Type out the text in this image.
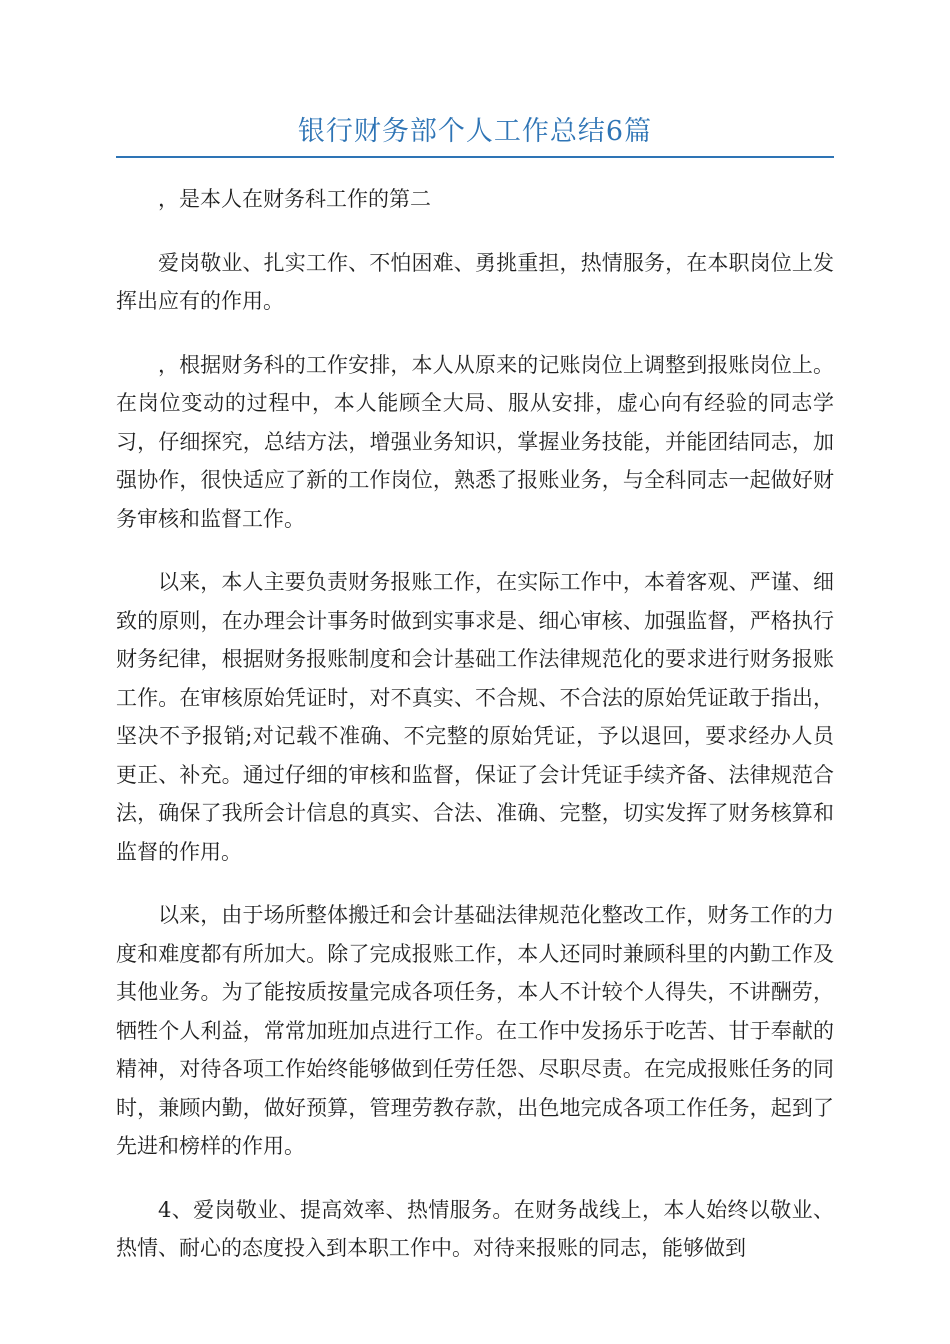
银行财务部个人工作总结6篇

，是本人在财务科工作的第二

爱岗敬业、扎实工作、不怕困难、勇挑重担，热情服务，在本职岗位上发挥出应有的作用。

，根据财务科的工作安排，本人从原来的记账岗位上调整到报账岗位上。在岗位变动的过程中，本人能顾全大局、服从安排，虚心向有经验的同志学习，仔细探究，总结方法，增强业务知识，掌握业务技能，并能团结同志，加强协作，很快适应了新的工作岗位，熟悉了报账业务，与全科同志一起做好财务审核和监督工作。

以来，本人主要负责财务报账工作，在实际工作中，本着客观、严谨、细致的原则，在办理会计事务时做到实事求是、细心审核、加强监督，严格执行财务纪律，根据财务报账制度和会计基础工作法律规范化的要求进行财务报账工作。在审核原始凭证时，对不真实、不合规、不合法的原始凭证敢于指出，坚决不予报销;对记载不准确、不完整的原始凭证，予以退回，要求经办人员更正、补充。通过仔细的审核和监督，保证了会计凭证手续齐备、法律规范合法，确保了我所会计信息的真实、合法、准确、完整，切实发挥了财务核算和监督的作用。

以来，由于场所整体搬迁和会计基础法律规范化整改工作，财务工作的力度和难度都有所加大。除了完成报账工作，本人还同时兼顾科里的内勤工作及其他业务。为了能按质按量完成各项任务，本人不计较个人得失，不讲酬劳，牺牲个人利益，常常加班加点进行工作。在工作中发扬乐于吃苦、甘于奉献的精神，对待各项工作始终能够做到任劳任怨、尽职尽责。在完成报账任务的同时，兼顾内勤，做好预算，管理劳教存款，出色地完成各项工作任务，起到了先进和榜样的作用。

4、爱岗敬业、提高效率、热情服务。在财务战线上，本人始终以敬业、热情、耐心的态度投入到本职工作中。对待来报账的同志，能够做到
